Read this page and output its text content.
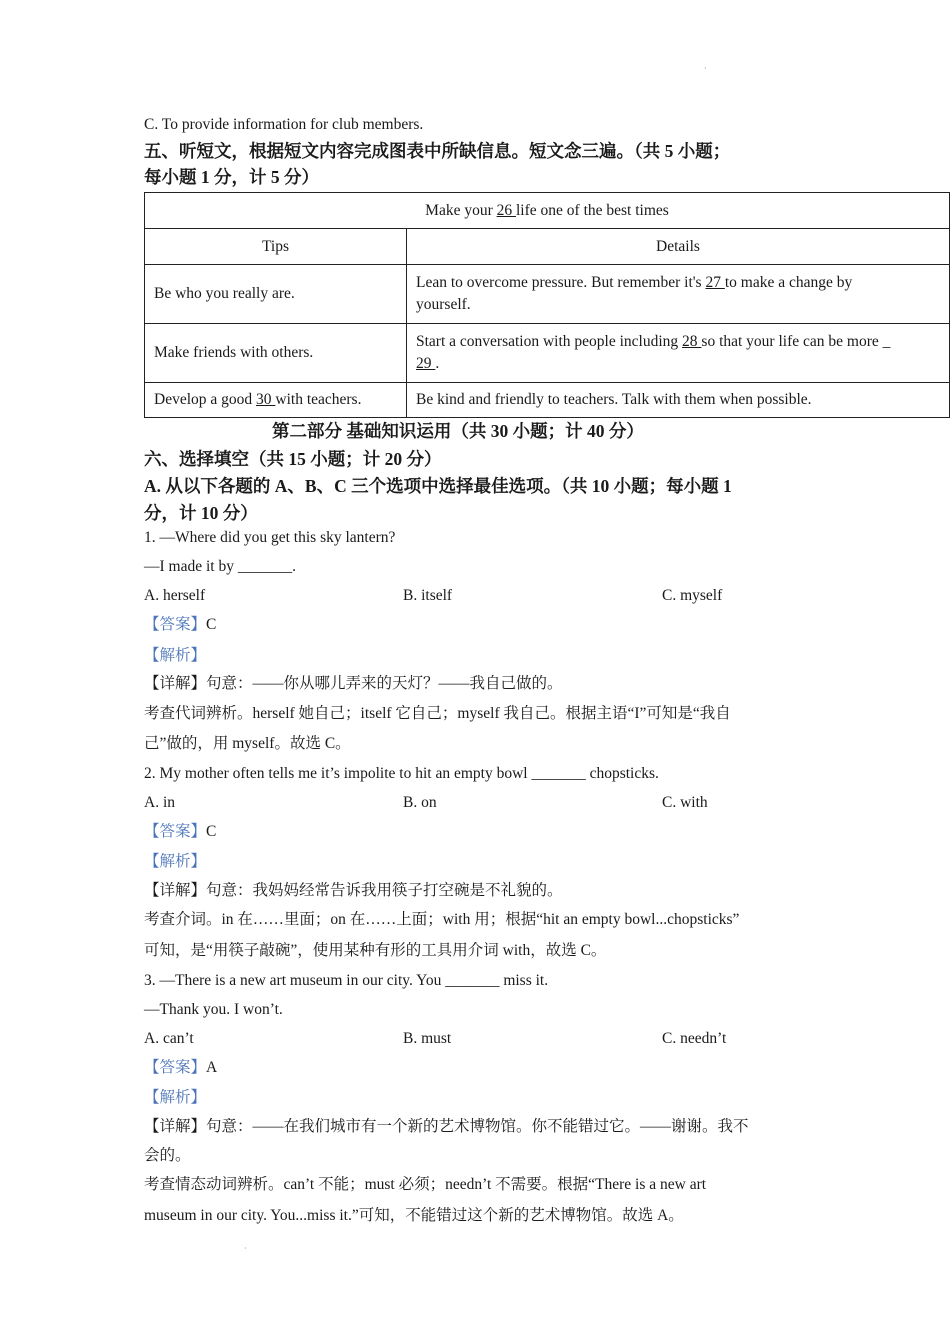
·
C. To provide information for club members.
五、听短文，根据短文内容完成图表中所缺信息。短文念三遍。（共 5 小题；
每小题 1 分，计 5 分）
Make your 26 life one of the best times	
Tips	Details
Be who you really are.	Lean to overcome pressure. But remember it's 27 to make a change by
yourself.

Make friends with others.	Start a conversation with people including 28 so that your life can be more _
29 .

Develop a good 30 with teachers.	Be kind and friendly to teachers. Talk with them when possible.
第二部分 基础知识运用（共 30 小题；计 40 分）
六、选择填空（共 15 小题；计 20 分）
A. 从以下各题的 A、B、C 三个选项中选择最佳选项。（共 10 小题；每小题 1
分，计 10 分）
1. —Where did you get this sky lantern?
—I made it by _______.
A. herself	B. itself	C. myself
【答案】C
【解析】
【详解】句意：——你从哪儿弄来的天灯？——我自己做的。
考查代词辨析。herself 她自己；itself 它自己；myself 我自己。根据主语“I”可知是“我自
己”做的，用 myself。故选 C。
2. My mother often tells me it’s impolite to hit an empty bowl _______ chopsticks.
A. in	B. on	C. with
【答案】C
【解析】
【详解】句意：我妈妈经常告诉我用筷子打空碗是不礼貌的。
考查介词。in 在……里面；on 在……上面；with 用；根据“hit an empty bowl...chopsticks”
可知，是“用筷子敲碗”，使用某种有形的工具用介词 with，故选 C。
3. —There is a new art museum in our city. You _______ miss it.
—Thank you. I won’t.
A. can’t	B. must	C. needn’t
【答案】A
【解析】
【详解】句意：——在我们城市有一个新的艺术博物馆。你不能错过它。——谢谢。我不
会的。
考查情态动词辨析。can’t 不能；must 必须；needn’t 不需要。根据“There is a new art
museum in our city. You...miss it.”可知，不能错过这个新的艺术博物馆。故选 A。
·
